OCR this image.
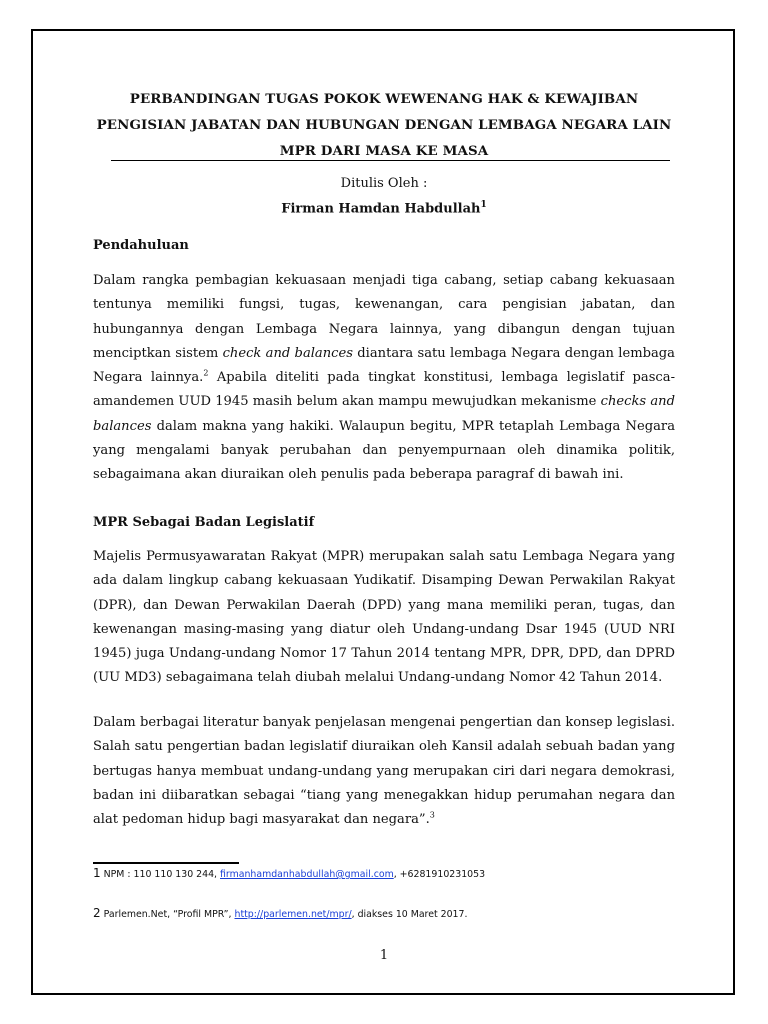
PERBANDINGAN TUGAS POKOK WEWENANG HAK & KEWAJIBAN
PENGISIAN JABATAN DAN HUBUNGAN DENGAN LEMBAGA NEGARA LAIN
MPR DARI MASA KE MASA
Ditulis Oleh :
Firman Hamdan Habdullah$^1$
Pendahuluan

Dalam rangka pembagian kekuasaan menjadi tiga cabang, setiap cabang kekuasaan tentunya memiliki fungsi, tugas, kewenangan, cara pengisian jabatan, dan hubungannya dengan Lembaga Negara lainnya, yang dibangun dengan tujuan menciptkan sistem check and balances diantara satu lembaga Negara dengan lembaga Negara lainnya.$^2$ Apabila diteliti pada tingkat konstitusi, lembaga legislatif pasca-amandemen UUD 1945 masih belum akan mampu mewujudkan mekanisme checks and balances dalam makna yang hakiki. Walaupun begitu, MPR tetaplah Lembaga Negara yang mengalami banyak perubahan dan penyempurnaan oleh dinamika politik, sebagaimana akan diuraikan oleh penulis pada beberapa paragraf di bawah ini.

MPR Sebagai Badan Legislatif

Majelis Permusyawaratan Rakyat (MPR) merupakan salah satu Lembaga Negara yang ada dalam lingkup cabang kekuasaan Yudikatif. Disamping Dewan Perwakilan Rakyat (DPR), dan Dewan Perwakilan Daerah (DPD) yang mana memiliki peran, tugas, dan kewenangan masing-masing yang diatur oleh Undang-undang Dsar 1945 (UUD NRI 1945) juga Undang-undang Nomor 17 Tahun 2014 tentang MPR, DPR, DPD, dan DPRD (UU MD3) sebagaimana telah diubah melalui Undang-undang Nomor 42 Tahun 2014.

Dalam berbagai literatur banyak penjelasan mengenai pengertian dan konsep legislasi. Salah satu pengertian badan legislatif diuraikan oleh Kansil adalah sebuah badan yang bertugas hanya membuat undang-undang yang merupakan ciri dari negara demokrasi, badan ini diibaratkan sebagai “tiang yang menegakkan hidup perumahan negara dan alat pedoman hidup bagi masyarakat dan negara”.$^3$

1 NPM : 110 110 130 244, firmanhamdanhabdullah@gmail.com, +6281910231053
2 Parlemen.Net, “Profil MPR”, http://parlemen.net/mpr/, diakses 10 Maret 2017.
1
